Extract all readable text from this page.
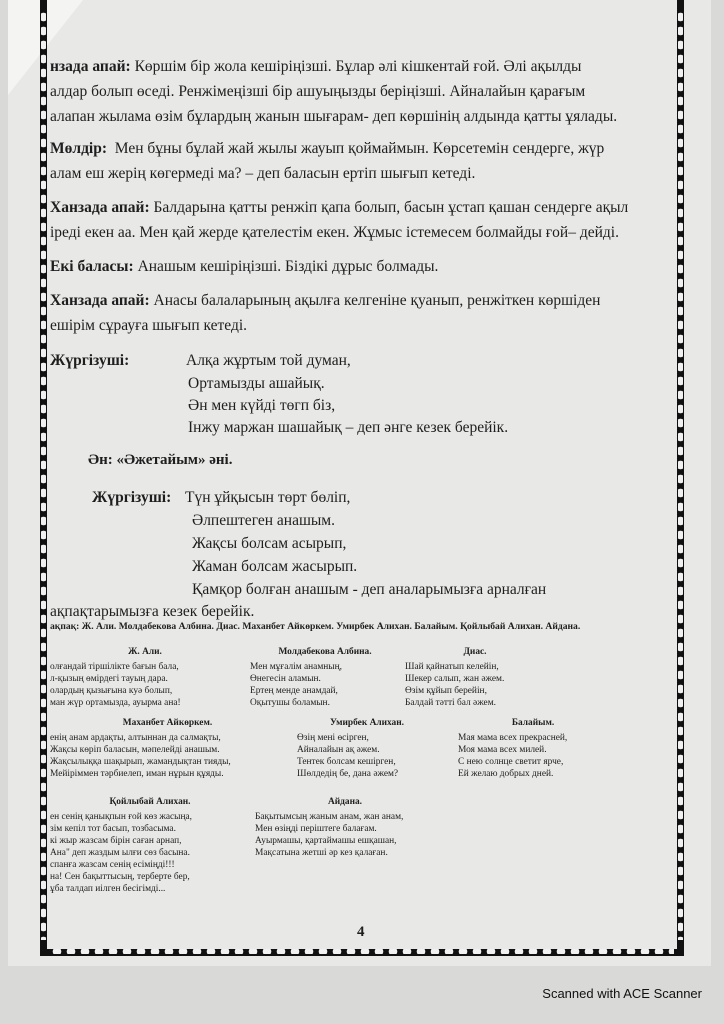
нзада апай: Көршім бір жола кешіріңізші. Бұлар әлі кішкентай ғой. Әлі ақылды

алдар болып өседі. Ренжімеңізші бір ашуыңызды беріңізші. Айналайын қарағым

алапан жылама өзім бұлардың жанын шығарам- деп көршінің алдында қатты ұялады.

Мөлдір: Мен бұны бұлай жай жылы жауып қоймаймын. Көрсетемін сендерге, жүр

алам еш жерің көгермеді ма? – деп баласын ертіп шығып кетеді.

Ханзада апай: Балдарына қатты ренжіп қапа болып, басын ұстап қашан сендерге ақыл

іреді екен аа. Мен қай жерде қателестім екен. Жұмыс істемесем болмайды ғой– дейді.

Екі баласы: Анашым кешіріңізші. Біздікі дұрыс болмады.

Ханзада апай: Анасы балаларының ақылға келгеніне қуанып, ренжіткен көршіден

ешірім сұрауға шығып кетеді.

Жүргізуші:	Алқа жұртым той думан,
Ортамызды ашайық.
Ән мен күйді төгп біз,
Інжу маржан шашайық – деп әнге кезек берейік.
Ән: «Әжетайым» әні.
Жүргізуші: Түн ұйқысын төрт бөліп,
Әлпештеген анашым.
Жақсы болсам асырып,
Жаман болсам жасырып.
Қамқор болған анашым - деп аналарымызға арналған
ақпақтарымызға кезек берейік.
ақпақ: Ж. Али. Молдабекова Албина. Диас. Маханбет Айкөркем. Умирбек Алихан. Балайым. Қойлыбай Алихан. Айдана.
Ж. Али.
олғандай тіршілікте бағын бала,
л-қызың өмірдегі тауың дара.
олардың қызығына куә болып,
ман жүр ортамызда, ауырма ана!
Молдабекова Албина.
Мен мұғалім анамның,
Өнегесін аламын.
Ертең менде анамдай,
Оқытушы боламын.
Диас.
Шай қайнатып келейін,
Шекер салып, жан әжем.
Өзім құйып берейін,
Балдай тәтті бал әжем.
Маханбет Айкөркем.
енің анам ардақты, алтыннан да салмақты,
Жақсы көріп баласын, мәпелейді анашым.
Жақсылыққа шақырып, жамандықтан тияды,
Мейіріммен тәрбиелеп, иман нұрын құяды.
Умирбек Алихан.
Өзің мені өсірген,
Айналайын ақ әжем.
Тентек болсам кешірген,
Шөлдедің бе, дана әжем?
Балайым.
Мая мама всех прекрасней,
Моя мама всех милей.
С нею солнце светит ярче,
Ей желаю добрых дней.
Қойлыбай Алихан.
ен сенің қанықпын ғой көз жасыңа,
зім кепіл тот басып, тозбасыма.
кі жыр жазсам бірін саған арнап,
Ана" деп жаздым ылғи сөз басына.
спанға жазсам сенің есіміңді!!!
на! Сен бақыттысың, терберте бер,
ұба талдап иілген бесігімді...
Айдана.
Бақытымсың жаным анам, жан анам,
Мен өзіңді періштеге балағам.
Ауырмашы, қартаймашы ешқашан,
Мақсатына жетші әр кез қалаған.
4
Scanned with ACE Scanner
